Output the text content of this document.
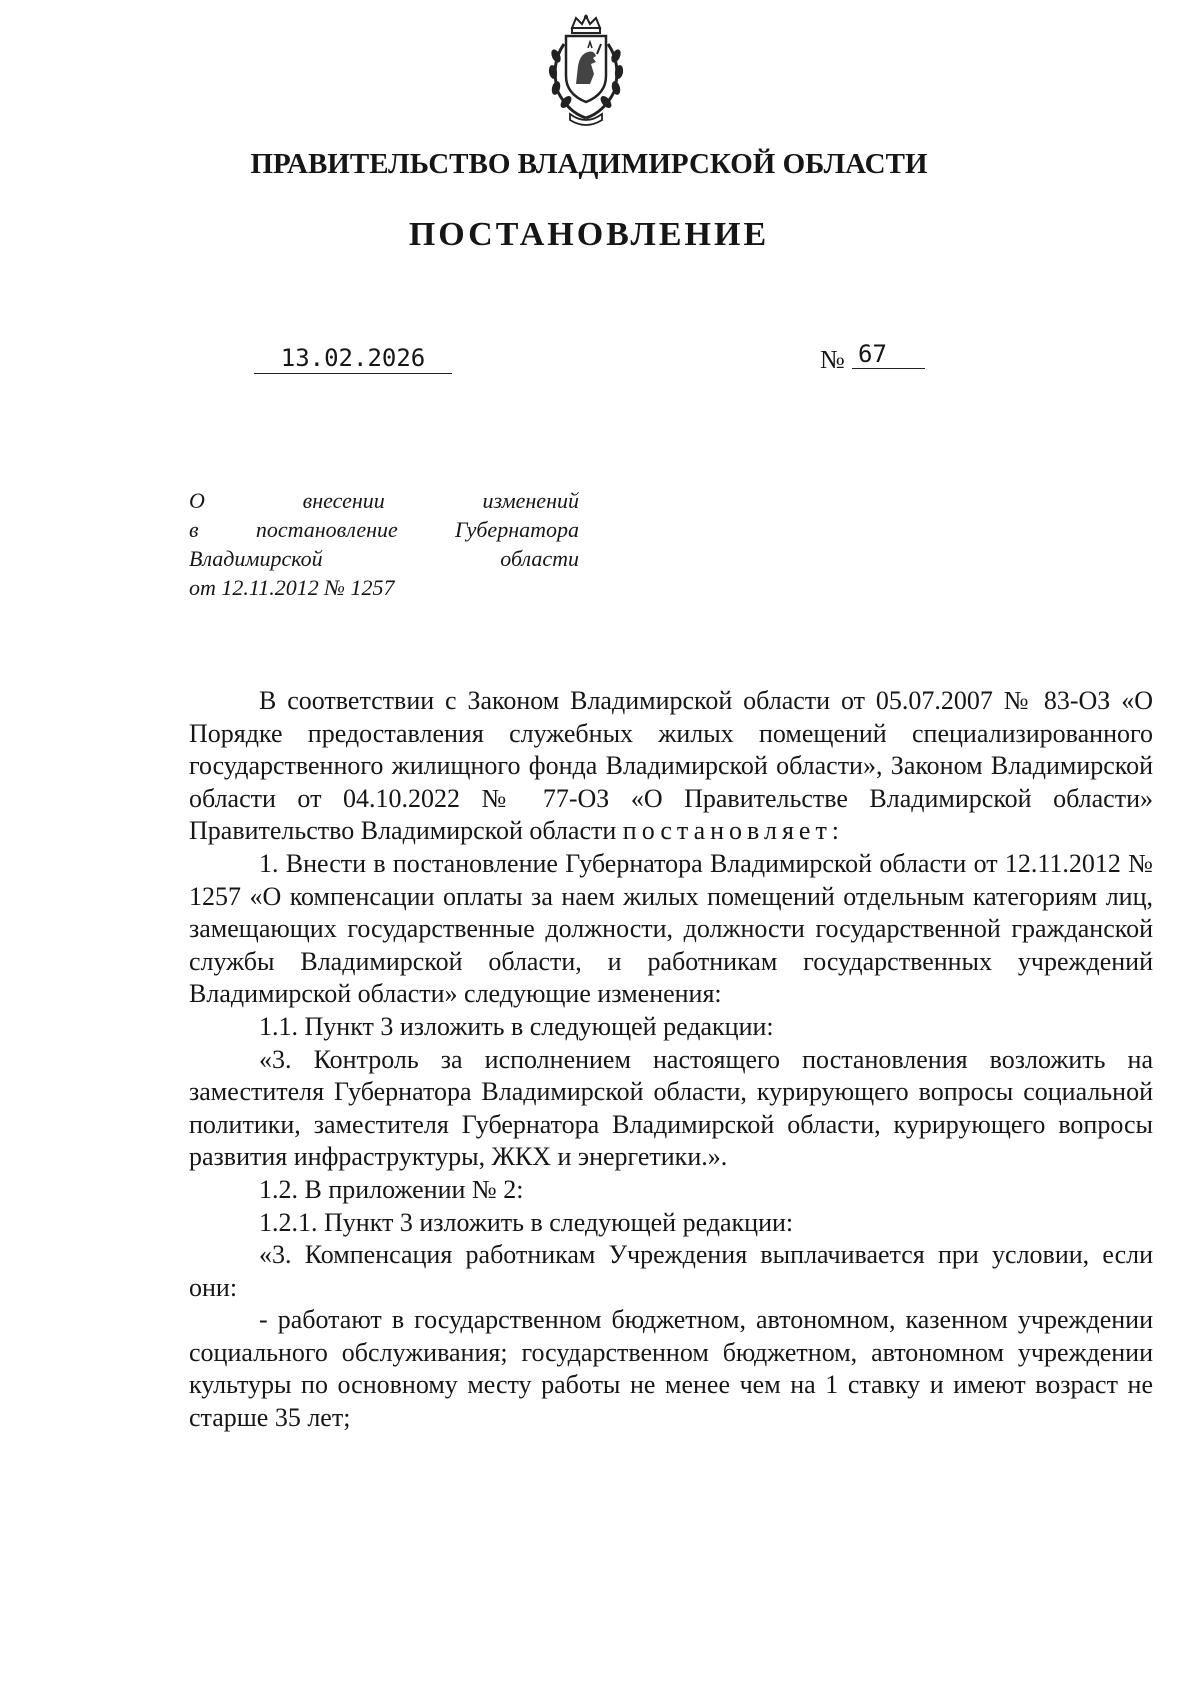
ПРАВИТЕЛЬСТВО ВЛАДИМИРСКОЙ ОБЛАСТИ
ПОСТАНОВЛЕНИЕ
13.02.2026	№ 67
О	внесении	изменений
в	постановление	Губернатора
Владимирской	области
от 12.11.2012 № 1257

В соответствии с Законом Владимирской области от 05.07.2007 № 83-ОЗ «О Порядке предоставления служебных жилых помещений специализированного государственного жилищного фонда Владимирской области», Законом Владимирской области от 04.10.2022 № 77-ОЗ «О Правительстве Владимирской области» Правительство Владимирской области постановляет:

1. Внести в постановление Губернатора Владимирской области от 12.11.2012 № 1257 «О компенсации оплаты за наем жилых помещений отдельным категориям лиц, замещающих государственные должности, должности государственной гражданской службы Владимирской области, и работникам государственных учреждений Владимирской области» следующие изменения:

1.1. Пункт 3 изложить в следующей редакции:

«3. Контроль за исполнением настоящего постановления возложить на заместителя Губернатора Владимирской области, курирующего вопросы социальной политики, заместителя Губернатора Владимирской области, курирующего вопросы развития инфраструктуры, ЖКХ и энергетики.».

1.2. В приложении № 2:

1.2.1. Пункт 3 изложить в следующей редакции:

«3. Компенсация работникам Учреждения выплачивается при условии, если они:

- работают в государственном бюджетном, автономном, казенном учреждении социального обслуживания; государственном бюджетном, автономном учреждении культуры по основному месту работы не менее чем на 1 ставку и имеют возраст не старше 35 лет;
